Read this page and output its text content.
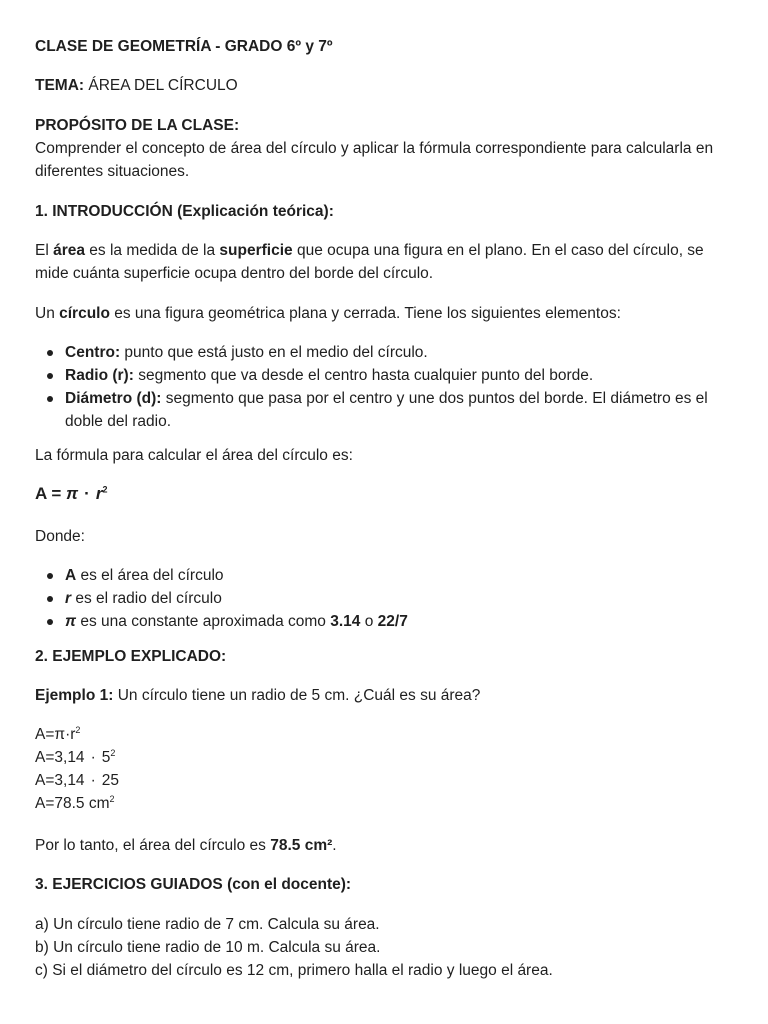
CLASE DE GEOMETRÍA - GRADO 6º y 7º

TEMA: ÁREA DEL CÍRCULO

PROPÓSITO DE LA CLASE:

Comprender el concepto de área del círculo y aplicar la fórmula correspondiente para calcularla en diferentes situaciones.

1. INTRODUCCIÓN (Explicación teórica):

El área es la medida de la superficie que ocupa una figura en el plano. En el caso del círculo, se mide cuánta superficie ocupa dentro del borde del círculo.

Un círculo es una figura geométrica plana y cerrada. Tiene los siguientes elementos:

Centro: punto que está justo en el medio del círculo.
Radio (r): segmento que va desde el centro hasta cualquier punto del borde.
Diámetro (d): segmento que pasa por el centro y une dos puntos del borde. El diámetro es el doble del radio.

La fórmula para calcular el área del círculo es:

$A = \pi \cdot r^2$

Donde:

A es el área del círculo
r es el radio del círculo
π es una constante aproximada como 3.14 o 22/7

2. EJEMPLO EXPLICADO:

Ejemplo 1: Un círculo tiene un radio de 5 cm. ¿Cuál es su área?

$A=\pi\cdot r^2$
$A=3,14 \cdot 5^2$
A=3,14 · 25
A=78.5 $cm^2$

Por lo tanto, el área del círculo es 78.5 cm².

3. EJERCICIOS GUIADOS (con el docente):

a) Un círculo tiene radio de 7 cm. Calcula su área.
b) Un círculo tiene radio de 10 m. Calcula su área.
c) Si el diámetro del círculo es 12 cm, primero halla el radio y luego el área.
